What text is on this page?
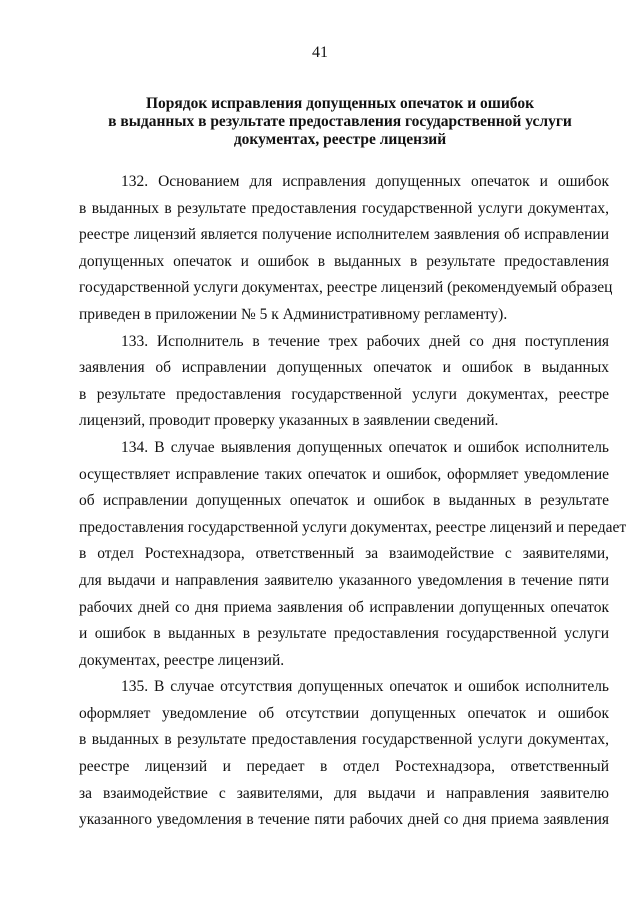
41
Порядок исправления допущенных опечаток и ошибок
в выданных в результате предоставления государственной услуги
документах, реестре лицензий
132. Основанием для исправления допущенных опечаток и ошибок
в выданных в результате предоставления государственной услуги документах,
реестре лицензий является получение исполнителем заявления об исправлении
допущенных опечаток и ошибок в выданных в результате предоставления
государственной услуги документах, реестре лицензий (рекомендуемый образец
приведен в приложении № 5 к Административному регламенту).
133. Исполнитель в течение трех рабочих дней со дня поступления
заявления об исправлении допущенных опечаток и ошибок в выданных
в результате предоставления государственной услуги документах, реестре
лицензий, проводит проверку указанных в заявлении сведений.
134. В случае выявления допущенных опечаток и ошибок исполнитель
осуществляет исправление таких опечаток и ошибок, оформляет уведомление
об исправлении допущенных опечаток и ошибок в выданных в результате
предоставления государственной услуги документах, реестре лицензий и передает
в отдел Ростехнадзора, ответственный за взаимодействие с заявителями,
для выдачи и направления заявителю указанного уведомления в течение пяти
рабочих дней со дня приема заявления об исправлении допущенных опечаток
и ошибок в выданных в результате предоставления государственной услуги
документах, реестре лицензий.
135. В случае отсутствия допущенных опечаток и ошибок исполнитель
оформляет уведомление об отсутствии допущенных опечаток и ошибок
в выданных в результате предоставления государственной услуги документах,
реестре лицензий и передает в отдел Ростехнадзора, ответственный
за взаимодействие с заявителями, для выдачи и направления заявителю
указанного уведомления в течение пяти рабочих дней со дня приема заявления
